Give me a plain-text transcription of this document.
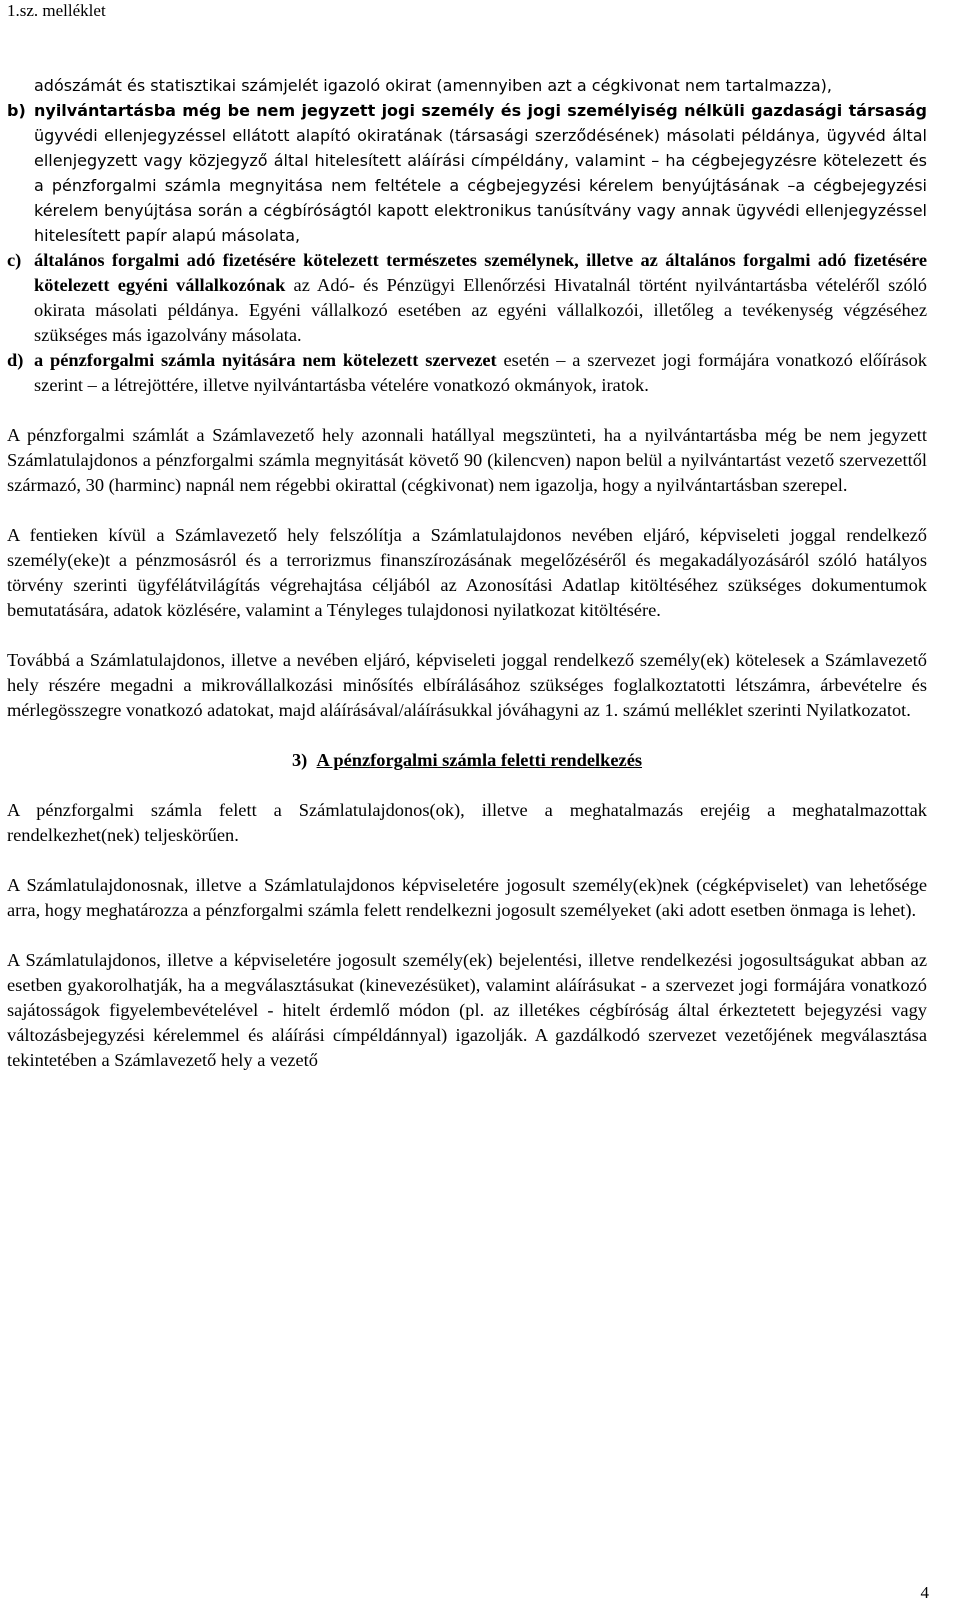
1.sz. melléklet
adószámát és statisztikai számjelét igazoló okirat (amennyiben azt a cégkivonat nem tartalmazza),
b) nyilvántartásba még be nem jegyzett jogi személy és jogi személyiség nélküli gazdasági társaság ügyvédi ellenjegyzéssel ellátott alapító okiratának (társasági szerződésének) másolati példánya, ügyvéd által ellenjegyzett vagy közjegyző által hitelesített aláírási címpéldány, valamint – ha cégbejegyzésre kötelezett és a pénzforgalmi számla megnyitása nem feltétele a cégbejegyzési kérelem benyújtásának –a cégbejegyzési kérelem benyújtása során a cégbíróságtól kapott elektronikus tanúsítvány vagy annak ügyvédi ellenjegyzéssel hitelesített papír alapú másolata,
c) általános forgalmi adó fizetésére kötelezett természetes személynek, illetve az általános forgalmi adó fizetésére kötelezett egyéni vállalkozónak az Adó- és Pénzügyi Ellenőrzési Hivatalnál történt nyilvántartásba vételéről szóló okirata másolati példánya. Egyéni vállalkozó esetében az egyéni vállalkozói, illetőleg a tevékenység végzéséhez szükséges más igazolvány másolata.
d) a pénzforgalmi számla nyitására nem kötelezett szervezet esetén – a szervezet jogi formájára vonatkozó előírások szerint – a létrejöttére, illetve nyilvántartásba vételére vonatkozó okmányok, iratok.

A pénzforgalmi számlát a Számlavezető hely azonnali hatállyal megszünteti, ha a nyilvántartásba még be nem jegyzett Számlatulajdonos a pénzforgalmi számla megnyitását követő 90 (kilencven) napon belül a nyilvántartást vezető szervezettől származó, 30 (harminc) napnál nem régebbi okirattal (cégkivonat) nem igazolja, hogy a nyilvántartásban szerepel.

A fentieken kívül a Számlavezető hely felszólítja a Számlatulajdonos nevében eljáró, képviseleti joggal rendelkező személy(eke)t a pénzmosásról és a terrorizmus finanszírozásának megelőzéséről és megakadályozásáról szóló hatályos törvény szerinti ügyfélátvilágítás végrehajtása céljából az Azonosítási Adatlap kitöltéséhez szükséges dokumentumok bemutatására, adatok közlésére, valamint a Tényleges tulajdonosi nyilatkozat kitöltésére.

Továbbá a Számlatulajdonos, illetve a nevében eljáró, képviseleti joggal rendelkező személy(ek) kötelesek a Számlavezető hely részére megadni a mikrovállalkozási minősítés elbírálásához szükséges foglalkoztatotti létszámra, árbevételre és mérlegösszegre vonatkozó adatokat, majd aláírásával/aláírásukkal jóváhagyni az 1. számú melléklet szerinti Nyilatkozatot.

3) A pénzforgalmi számla feletti rendelkezés

A pénzforgalmi számla felett a Számlatulajdonos(ok), illetve a meghatalmazás erejéig a meghatalmazottak rendelkezhet(nek) teljeskörűen.

A Számlatulajdonosnak, illetve a Számlatulajdonos képviseletére jogosult személy(ek)nek (cégképviselet) van lehetősége arra, hogy meghatározza a pénzforgalmi számla felett rendelkezni jogosult személyeket (aki adott esetben önmaga is lehet).

A Számlatulajdonos, illetve a képviseletére jogosult személy(ek) bejelentési, illetve rendelkezési jogosultságukat abban az esetben gyakorolhatják, ha a megválasztásukat (kinevezésüket), valamint aláírásukat - a szervezet jogi formájára vonatkozó sajátosságok figyelembevételével - hitelt érdemlő módon (pl. az illetékes cégbíróság által érkeztetett bejegyzési vagy változásbejegyzési kérelemmel és aláírási címpéldánnyal) igazolják. A gazdálkodó szervezet vezetőjének megválasztása tekintetében a Számlavezető hely a vezető

4
